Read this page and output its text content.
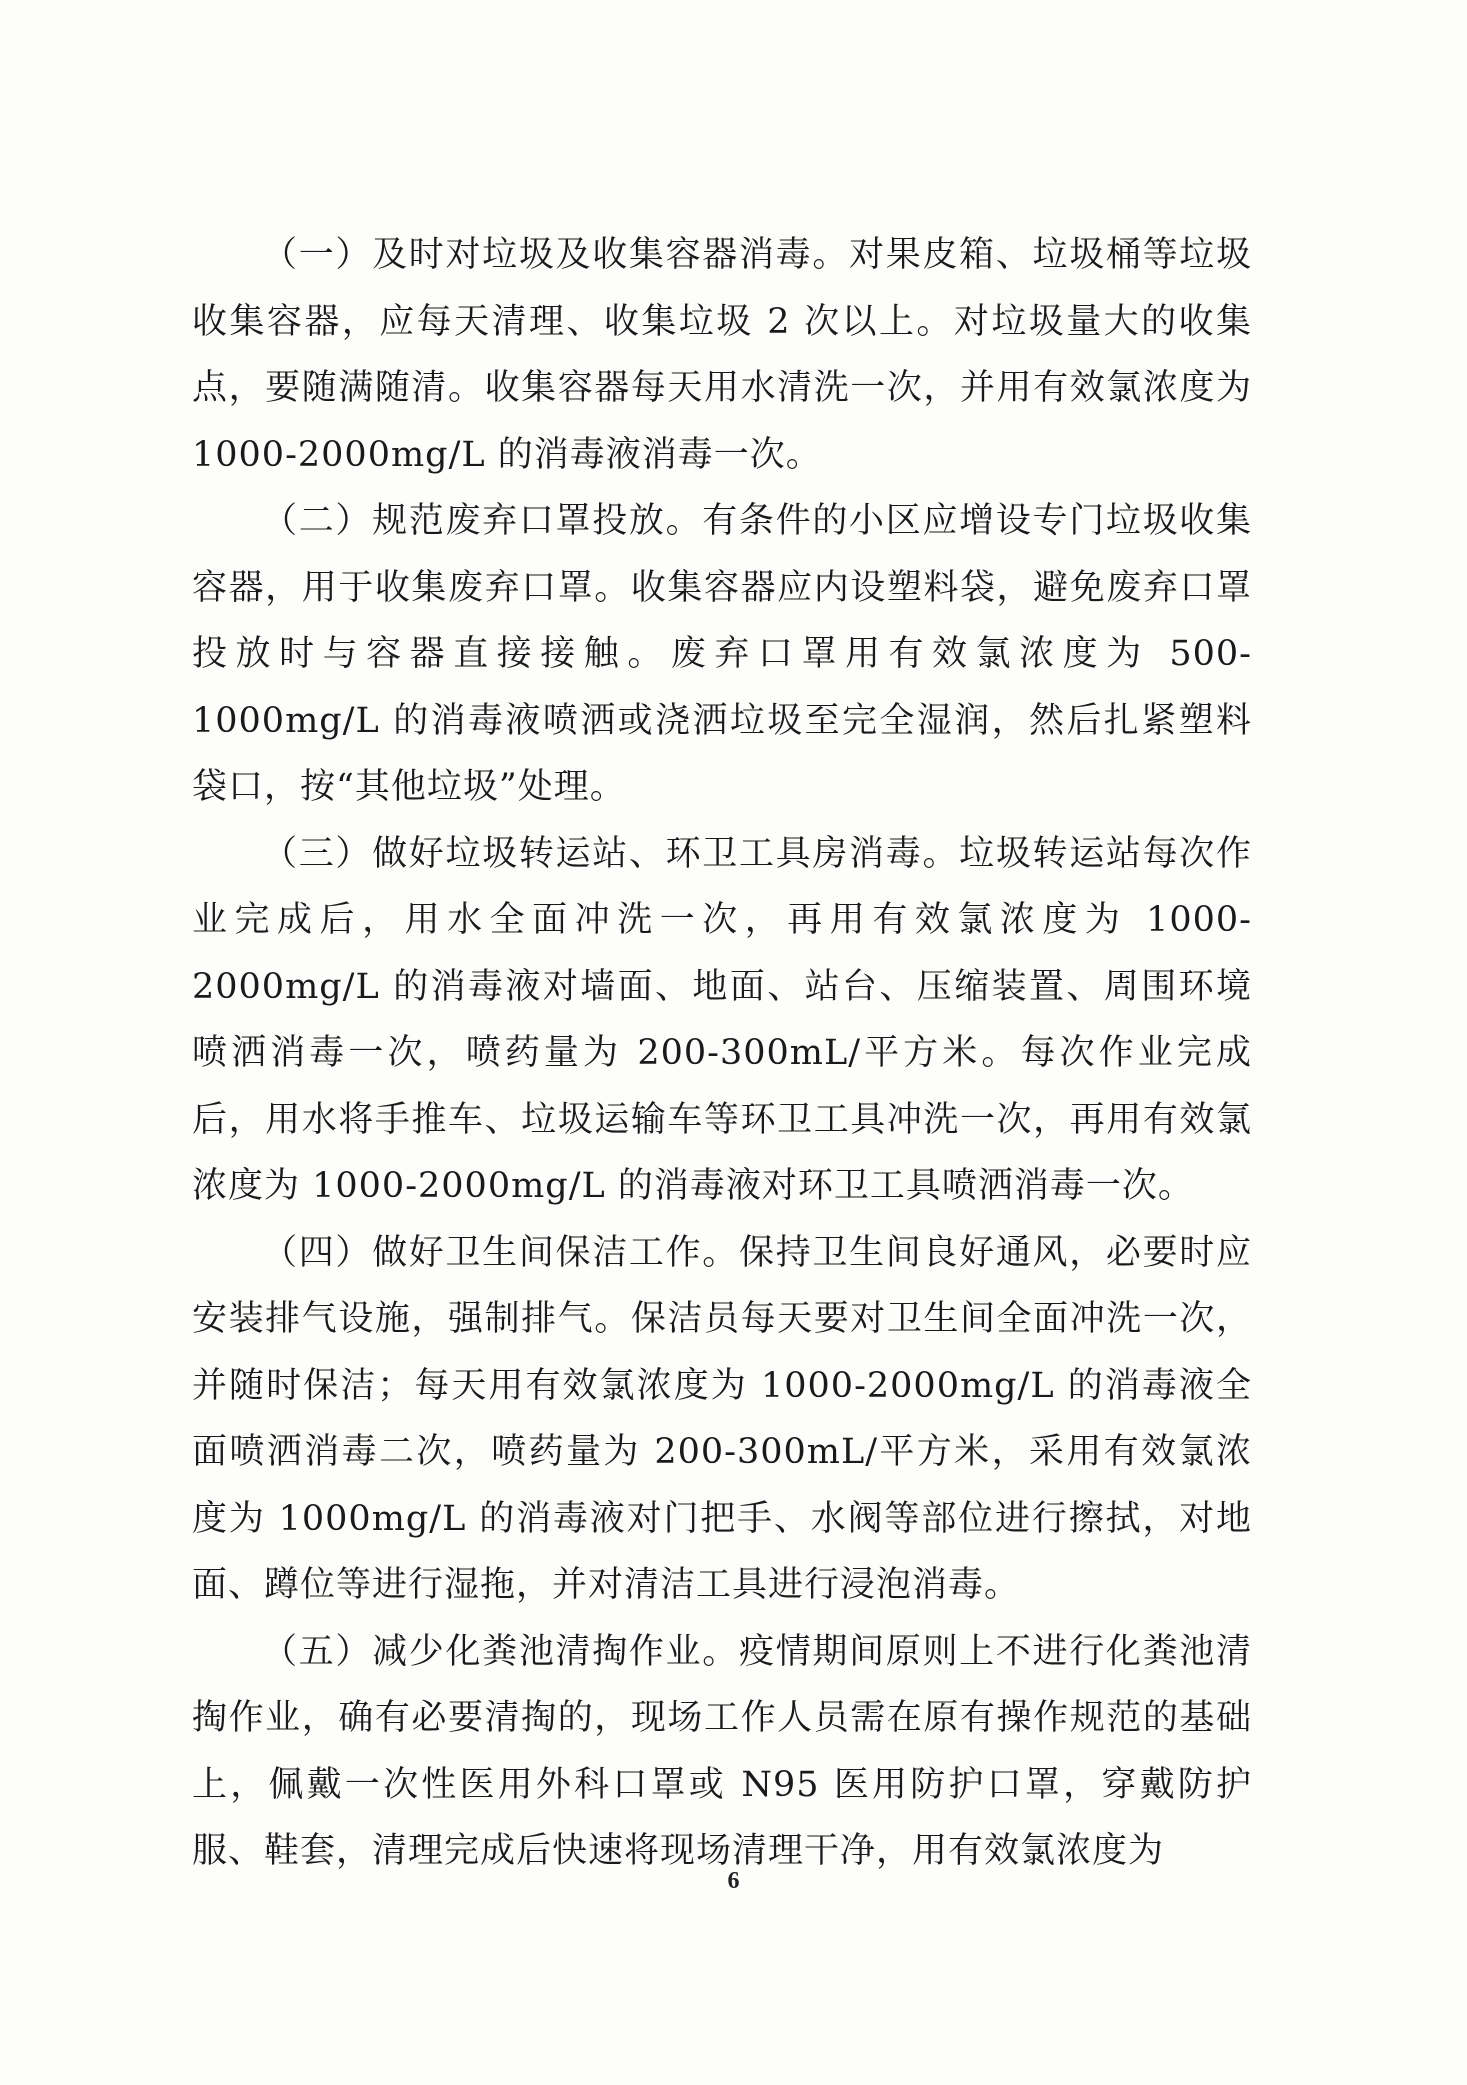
（一）及时对垃圾及收集容器消毒。对果皮箱、垃圾桶等垃圾收集容器，应每天清理、收集垃圾 2 次以上。对垃圾量大的收集点，要随满随清。收集容器每天用水清洗一次，并用有效氯浓度为 1000-2000mg/L 的消毒液消毒一次。

（二）规范废弃口罩投放。有条件的小区应增设专门垃圾收集容器，用于收集废弃口罩。收集容器应内设塑料袋，避免废弃口罩投放时与容器直接接触。废弃口罩用有效氯浓度为 500-1000mg/L 的消毒液喷洒或浇洒垃圾至完全湿润，然后扎紧塑料袋口，按“其他垃圾”处理。

（三）做好垃圾转运站、环卫工具房消毒。垃圾转运站每次作业完成后，用水全面冲洗一次，再用有效氯浓度为 1000-2000mg/L 的消毒液对墙面、地面、站台、压缩装置、周围环境喷洒消毒一次，喷药量为 200-300mL/平方米。每次作业完成后，用水将手推车、垃圾运输车等环卫工具冲洗一次，再用有效氯浓度为 1000-2000mg/L 的消毒液对环卫工具喷洒消毒一次。

（四）做好卫生间保洁工作。保持卫生间良好通风，必要时应安装排气设施，强制排气。保洁员每天要对卫生间全面冲洗一次，并随时保洁；每天用有效氯浓度为 1000-2000mg/L 的消毒液全面喷洒消毒二次，喷药量为 200-300mL/平方米，采用有效氯浓度为 1000mg/L 的消毒液对门把手、水阀等部位进行擦拭，对地面、蹲位等进行湿拖，并对清洁工具进行浸泡消毒。

（五）减少化粪池清掏作业。疫情期间原则上不进行化粪池清掏作业，确有必要清掏的，现场工作人员需在原有操作规范的基础上，佩戴一次性医用外科口罩或 N95 医用防护口罩，穿戴防护服、鞋套，清理完成后快速将现场清理干净，用有效氯浓度为

6
